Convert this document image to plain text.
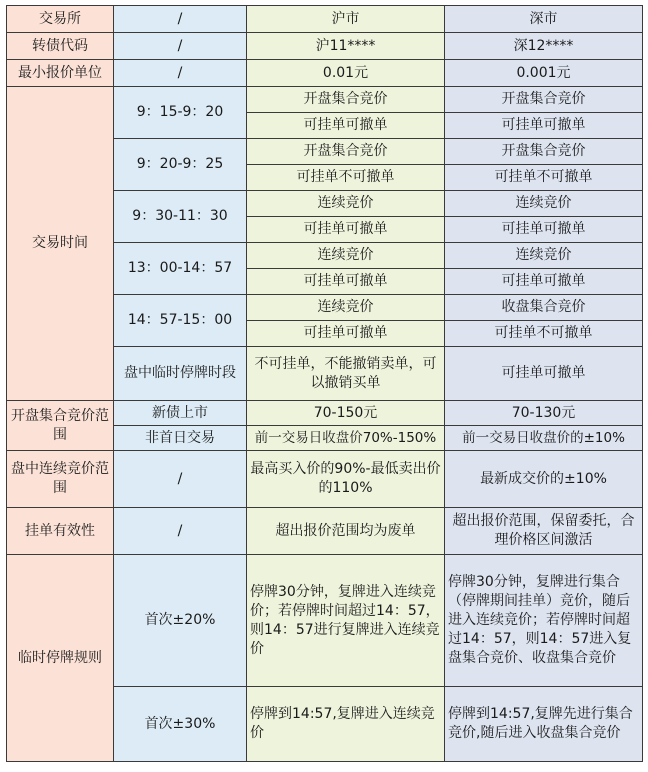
交易所	/	沪市	深市
转债代码	/	沪11****	深12****
最小报价单位	/	0.01元	0.001元
交易时间	9：15-9：20	开盘集合竞价	开盘集合竞价
		可挂单可撤单	可挂单可撤单
	9：20-9：25	开盘集合竞价	开盘集合竞价
		可挂单不可撤单	可挂单不可撤单
	9：30-11：30	连续竞价	连续竞价
		可挂单可撤单	可挂单可撤单
	13：00-14：57	连续竞价	连续竞价
		可挂单可撤单	可挂单可撤单
	14：57-15：00	连续竞价	收盘集合竞价
		可挂单可撤单	可挂单不可撤单
	盘中临时停牌时段	不可挂单，不能撤销卖单，可以撤销买单	可挂单可撤单
开盘集合竞价范围	新债上市	70-150元	70-130元
	非首日交易	前一交易日收盘价70%-150%	前一交易日收盘价的±10%
盘中连续竞价范围	/	最高买入价的90%-最低卖出价的110%	最新成交价的±10%
挂单有效性	/	超出报价范围均为废单	超出报价范围，保留委托，合理价格区间激活
临时停牌规则	首次±20%	停牌30分钟，复牌进入连续竞价；若停牌时间超过14：57，则14：57进行复牌进入连续竞价	停牌30分钟，复牌进行集合（停牌期间挂单）竞价，随后进入连续竞价；若停牌时间超过14：57，则14：57进入复盘集合竞价、收盘集合竞价
	首次±30%	停牌到14:57,复牌进入连续竞价	停牌到14:57,复牌先进行集合竞价,随后进入收盘集合竞价
